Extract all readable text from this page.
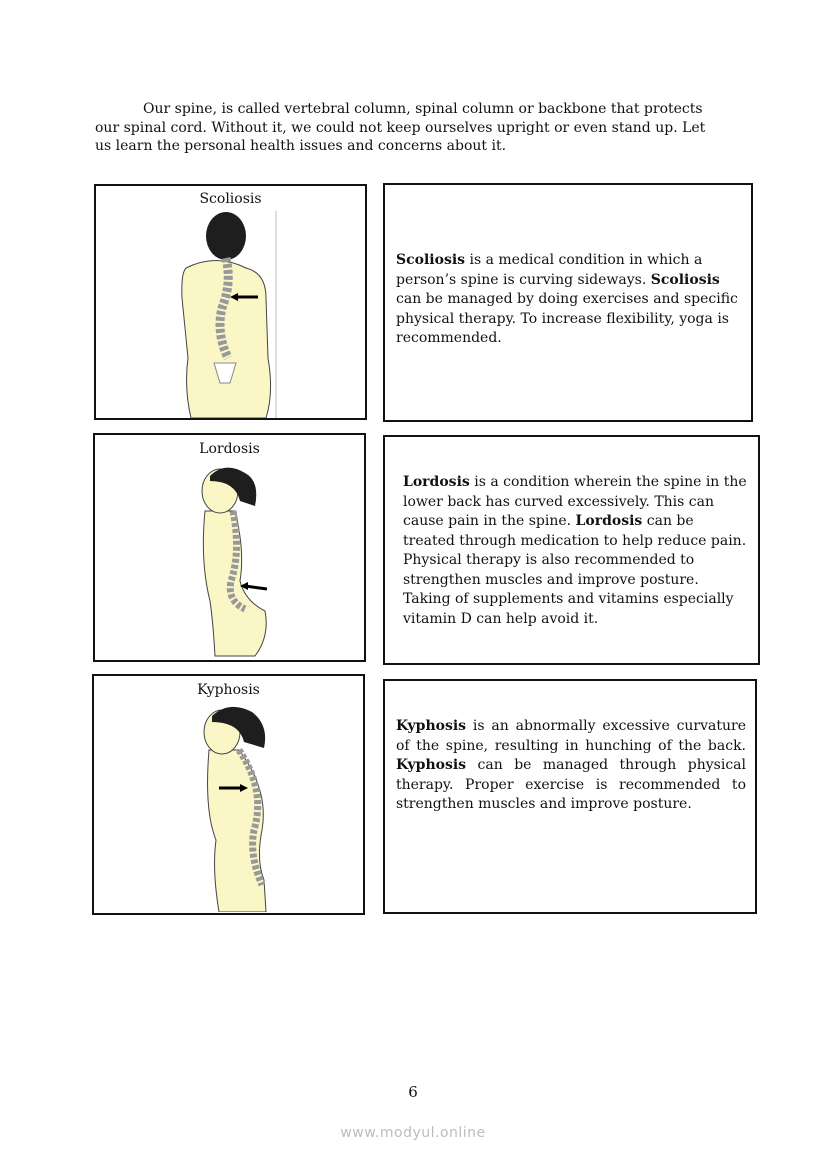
Our spine, is called vertebral column, spinal column or backbone that protects our spinal cord. Without it, we could not keep ourselves upright or even stand up. Let us learn the personal health issues and concerns about it.

Scoliosis

Scoliosis is a medical condition in which a person’s spine is curving sideways. Scoliosis can be managed by doing exercises and specific physical therapy. To increase flexibility, yoga is recommended.

Lordosis

Lordosis is a condition wherein the spine in the lower back has curved excessively. This can cause pain in the spine. Lordosis can be treated through medication to help reduce pain. Physical therapy is also recommended to strengthen muscles and improve posture. Taking of supplements and vitamins especially vitamin D can help avoid it.

Kyphosis

Kyphosis is an abnormally excessive curvature of the spine, resulting in hunching of the back. Kyphosis can be managed through physical therapy. Proper exercise is recommended to strengthen muscles and improve posture.

6
www.modyul.online
